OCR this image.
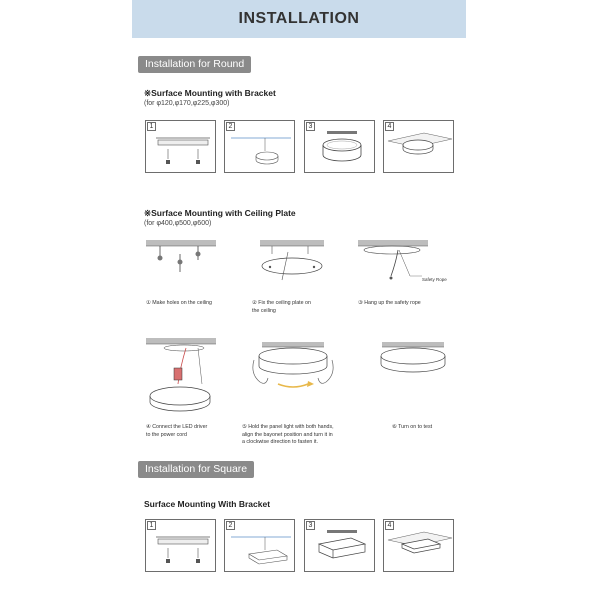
INSTALLATION
Installation for Round
※Surface Mounting with Bracket
(for φ120,φ170,φ225,φ300)
1	2	3	4
※Surface Mounting with Ceiling Plate
(for φ400,φ500,φ600)
① Make holes on the ceiling	② Fix the ceiling plate on
the ceiling
Safety Rope
③ Hang up the safety rope
④ Connect the LED driver
to the power cord
⑤ Hold the panel light with both hands,
align the bayonet position and turn it in
a clockwise direction to fasten it.
⑥ Turn on to test
Installation for Square
Surface Mounting With Bracket
1	2	3	4
